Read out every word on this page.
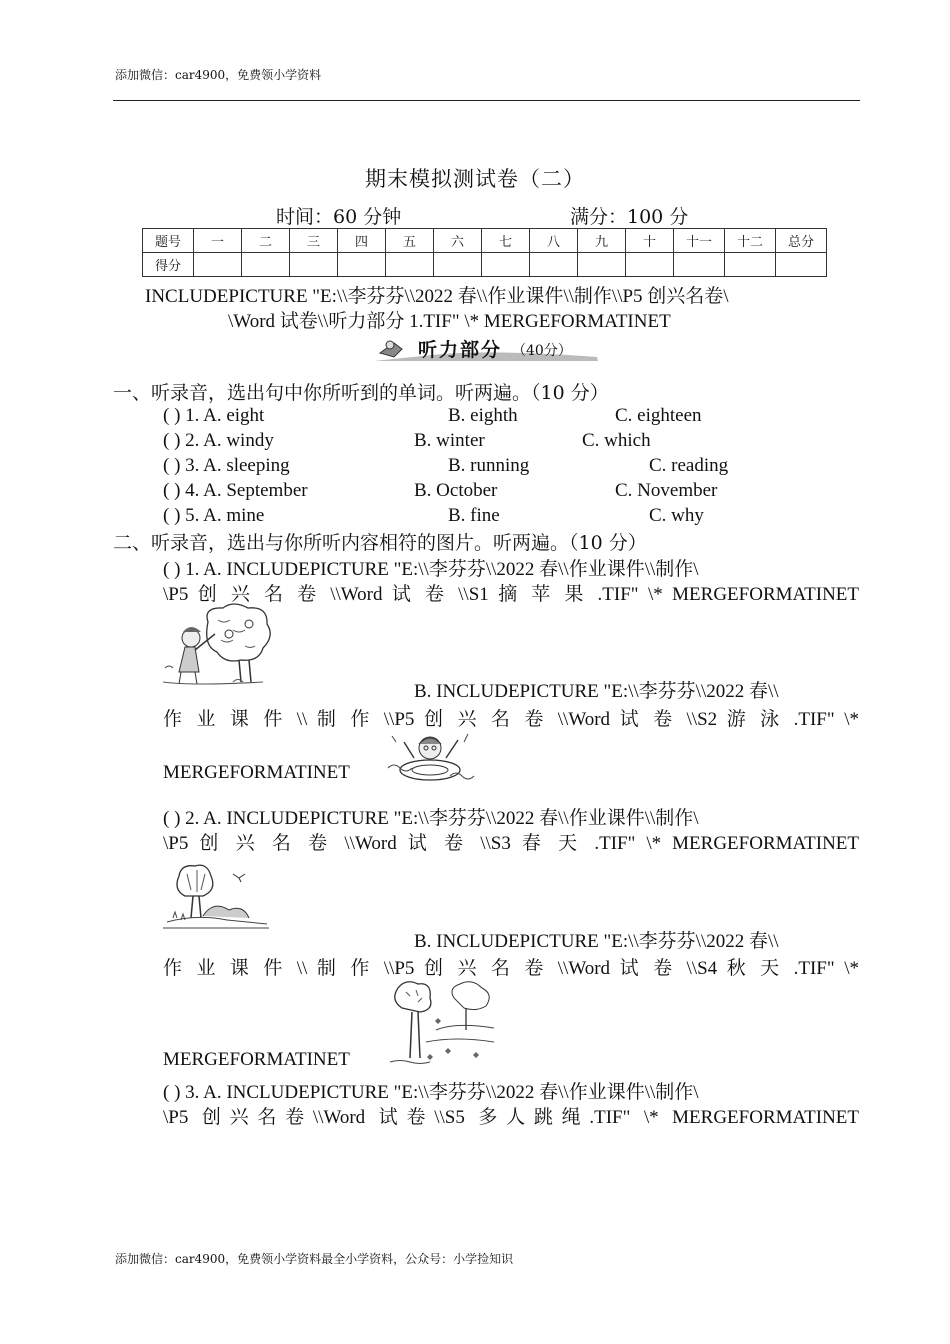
添加微信：car4900，免费领小学资料
期末模拟测试卷（二）
时间：60 分钟	满分：100 分
题号	一	二	三	四	五	六	七	八	九	十	十一	十二	总分
得分													
INCLUDEPICTURE "E:\\李芬芬\\2022 春\\作业课件\\制作\\P5 创兴名卷\
\Word 试卷\\听力部分 1.TIF" \* MERGEFORMATINET
听力部分 （40分）
一、听录音，选出句中你所听到的单词。听两遍。（10 分）
( ) 1. A. eight	B. eighth	C. eighteen
( ) 2. A. windy	B. winter	C. which
( ) 3. A. sleeping	B. running	C. reading
( ) 4. A. September	B. October	C. November
( ) 5. A. mine	B. fine	C. why
二、听录音，选出与你所听内容相符的图片。听两遍。（10 分）
( ) 1. A. INCLUDEPICTURE "E:\\李芬芬\\2022 春\\作业课件\\制作\
\P5 创 兴 名 卷 \\Word 试 卷 \\S1 摘 苹 果 .TIF" \* MERGEFORMATINET
B. INCLUDEPICTURE "E:\\李芬芬\\2022 春\\
作 业 课 件 \\ 制 作 \\P5 创 兴 名 卷 \\Word 试 卷 \\S2 游 泳 .TIF" \*
MERGEFORMATINET
( ) 2. A. INCLUDEPICTURE "E:\\李芬芬\\2022 春\\作业课件\\制作\
\P5 创 兴 名 卷 \\Word 试 卷 \\S3 春 天 .TIF" \* MERGEFORMATINET
B. INCLUDEPICTURE "E:\\李芬芬\\2022 春\\
作 业 课 件 \\ 制 作 \\P5 创 兴 名 卷 \\Word 试 卷 \\S4 秋 天 .TIF" \*
MERGEFORMATINET
( ) 3. A. INCLUDEPICTURE "E:\\李芬芬\\2022 春\\作业课件\\制作\
\P5 创兴名卷\\Word 试卷\\S5 多人跳绳.TIF" \* MERGEFORMATINET
添加微信：car4900，免费领小学资料最全小学资料，公众号：小学捡知识
